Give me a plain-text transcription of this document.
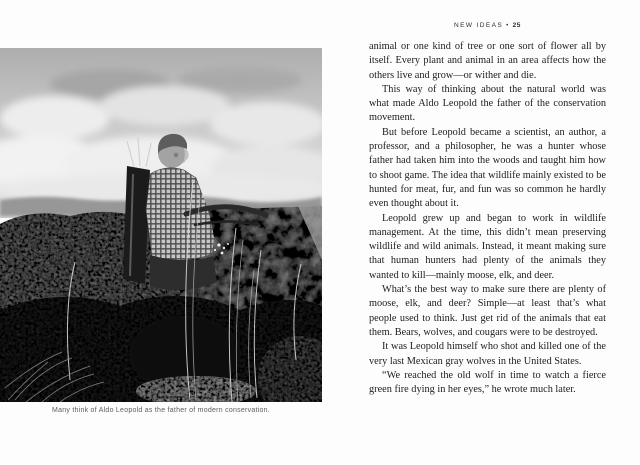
Many think of Aldo Leopold as the father of modern conservation.
NEW IDEAS • 25

animal or one kind of tree or one sort of flower all by itself. Every plant and animal in an area affects how the others live and grow—or wither and die.

This way of thinking about the natural world was what made Aldo Leopold the father of the conservation movement.

But before Leopold became a scientist, an author, a professor, and a philosopher, he was a hunter whose father had taken him into the woods and taught him how to shoot game. The idea that wildlife mainly existed to be hunted for meat, fur, and fun was so common he hardly even thought about it.

Leopold grew up and began to work in wildlife management. At the time, this didn’t mean preserving wildlife and wild animals. Instead, it meant making sure that human hunters had plenty of the animals they wanted to kill—mainly moose, elk, and deer.

What’s the best way to make sure there are plenty of moose, elk, and deer? Simple—at least that’s what people used to think. Just get rid of the animals that eat them. Bears, wolves, and cougars were to be destroyed.

It was Leopold himself who shot and killed one of the very last Mexican gray wolves in the United States.

“We reached the old wolf in time to watch a fierce green fire dying in her eyes,” he wrote much later.
